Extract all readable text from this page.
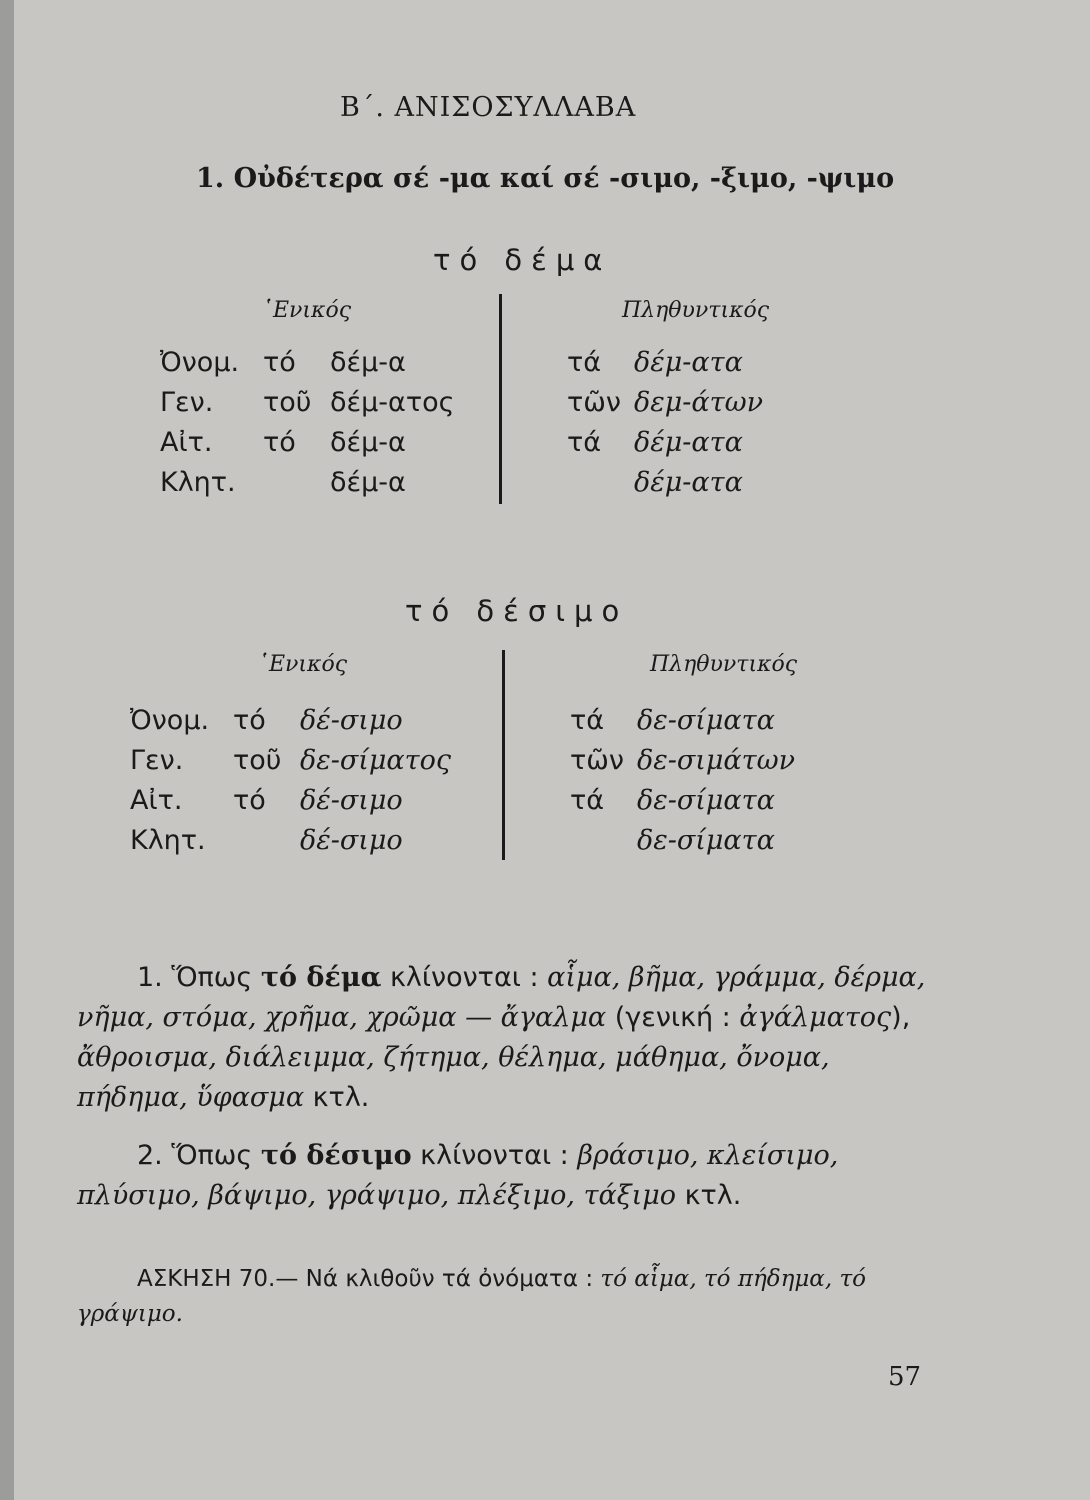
Β΄. ΑΝΙΣΟΣΥΛΛΑΒΑ
1. Οὐδέτερα σέ -μα καί σέ -σιμο, -ξιμο, -ψιμο
τό δέμα
῾Ενικός	Πληθυντικός
Ὀνομ. τό δέμ-α	τά δέμ-ατα
Γεν. τοῦ δέμ-ατος	τῶν δεμ-άτων
Αἰτ. τό δέμ-α	τά δέμ-ατα
Κλητ.	δέμ-α	δέμ-ατα
τό δέσιμο
῾Ενικός	Πληθυντικός
Ὀνομ. τό δέ-σιμο	τά δε-σίματα
Γεν. τοῦ δε-σίματος	τῶν δε-σιμάτων
Αἰτ. τό δέ-σιμο	τά δε-σίματα
Κλητ.	δέ-σιμο	δε-σίματα
1. Ὅπως τό δέμα κλίνονται : αἷμα, βῆμα, γράμμα, δέρμα, νῆμα, στόμα, χρῆμα, χρῶμα — ἄγαλμα (γενική : ἀγάλματος), ἄθροισμα, διάλειμμα, ζήτημα, θέλημα, μάθημα, ὄνομα, πήδημα, ὕφασμα κτλ.
2. Ὅπως τό δέσιμο κλίνονται : βράσιμο, κλείσιμο, πλύσιμο, βάψιμο, γράψιμο, πλέξιμο, τάξιμο κτλ.
ΑΣΚΗΣΗ 70.— Νά κλιθοῦν τά ὀνόματα : τό αἷμα, τό πήδημα, τό γράψιμο.
57
